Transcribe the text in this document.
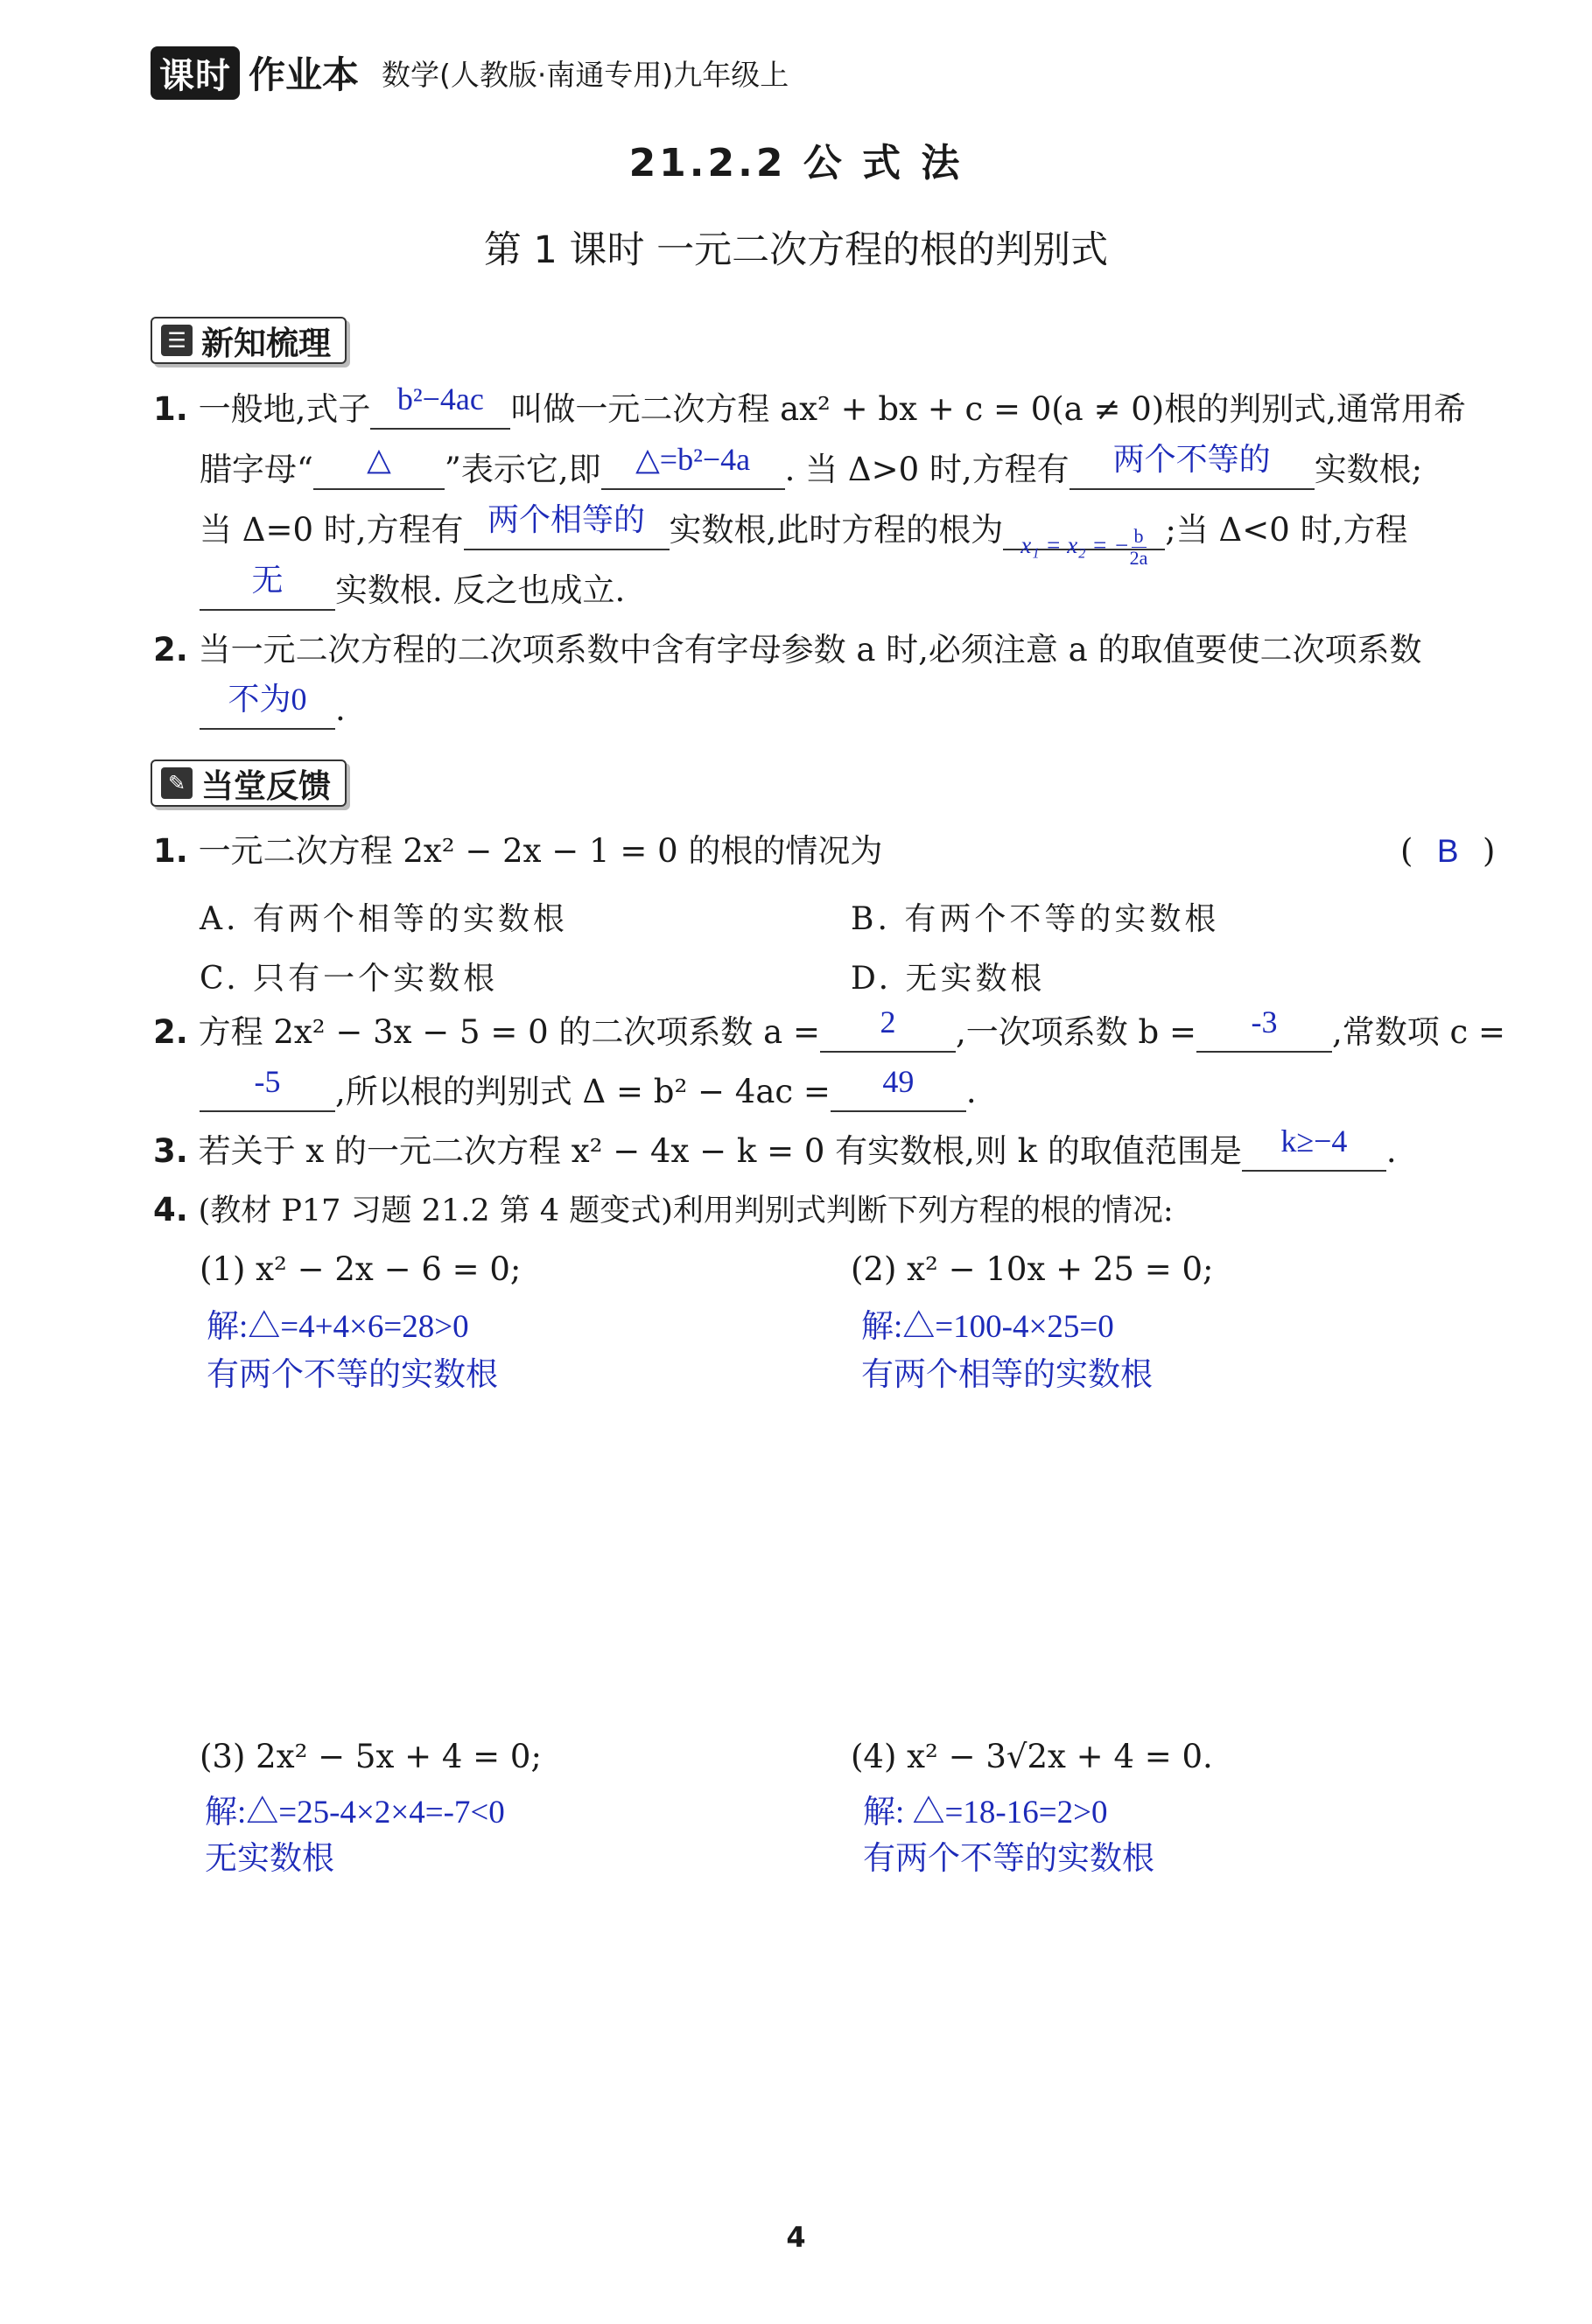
课时 作业本 数学(人教版·南通专用)九年级上
21.2.2 公 式 法
第 1 课时 一元二次方程的根的判别式
☰ 新知梳理
1. 一般地,式子 b²−4ac 叫做一元二次方程 ax² + bx + c = 0(a ≠ 0)根的判别式,通常用希
腊字母“ △ ”表示它,即 △=b²−4a . 当 Δ>0 时,方程有 两个不等的 实数根;
当 Δ=0 时,方程有 两个相等的 实数根,此时方程的根为 $_{x_1 = x_2 = - \frac{b}{2a}}$ ;当 Δ<0 时,方程
无 实数根. 反之也成立.
2. 当一元二次方程的二次项系数中含有字母参数 a 时,必须注意 a 的取值要使二次项系数
不为0 .
✎ 当堂反馈
1. 一元二次方程 2x² − 2x − 1 = 0 的根的情况为	( B )
A. 有两个相等的实数根	B. 有两个不等的实数根
C. 只有一个实数根	D. 无实数根
2. 方程 2x² − 3x − 5 = 0 的二次项系数 a = 2 ,一次项系数 b = -3 ,常数项 c =
-5 ,所以根的判别式 Δ = b² − 4ac = 49 .
3. 若关于 x 的一元二次方程 x² − 4x − k = 0 有实数根,则 k 的取值范围是 k≥−4 .
4. (教材 P17 习题 21.2 第 4 题变式)利用判别式判断下列方程的根的情况:
(1) x² − 2x − 6 = 0;
解:△=4+4×6=28>0
有两个不等的实数根
(2) x² − 10x + 25 = 0;
解:△=100-4×25=0
有两个相等的实数根
(3) 2x² − 5x + 4 = 0;
解:△=25-4×2×4=-7<0
无实数根
(4) x² − 3√2x + 4 = 0.
解: △=18-16=2>0
有两个不等的实数根
4
